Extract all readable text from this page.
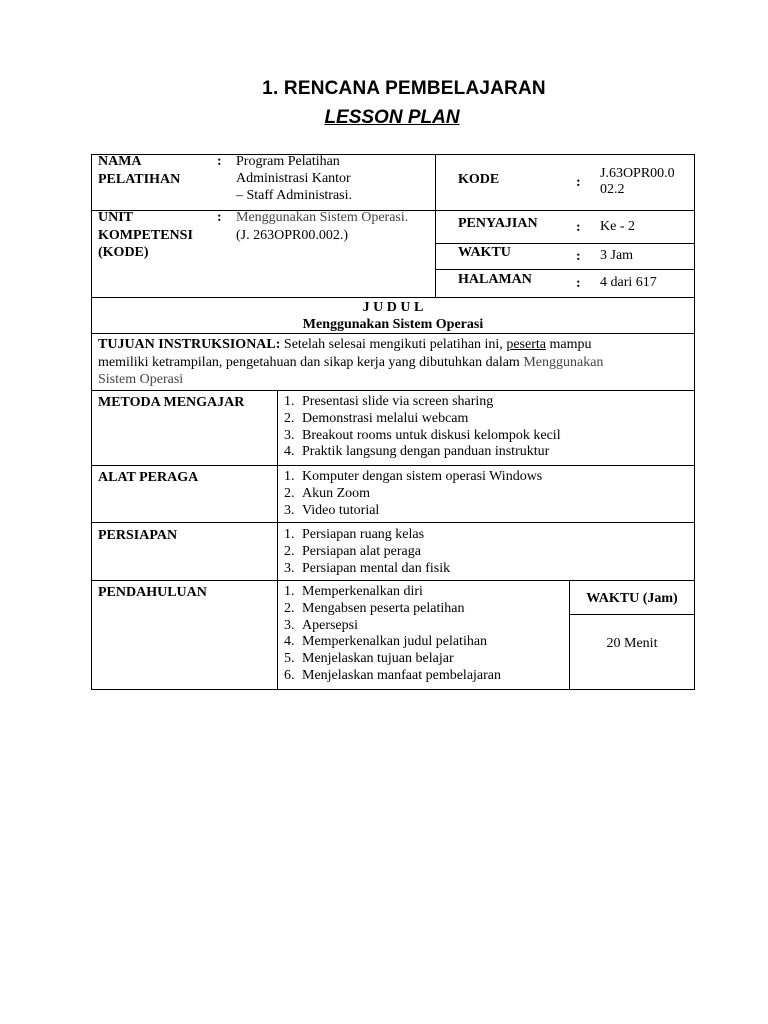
1. RENCANA PEMBELAJARAN
LESSON PLAN
NAMA
PELATIHAN
: Program Pelatihan
Administrasi Kantor
– Staff Administrasi.
UNIT
KOMPETENSI
(KODE)
: Menggunakan Sistem Operasi.
(J. 263OPR00.002.)
KODE	:
J.63OPR00.0
02.2
PENYAJIAN	: Ke - 2
WAKTU	: 3 Jam
HALAMAN	: 4 dari 617
J U D U L
Menggunakan Sistem Operasi
TUJUAN INSTRUKSIONAL: Setelah selesai mengikuti pelatihan ini, peserta mampu
memiliki ketrampilan, pengetahuan dan sikap kerja yang dibutuhkan dalam Menggunakan
Sistem Operasi
METODA MENGAJAR	1. Presentasi slide via screen sharing
2. Demonstrasi melalui webcam
3. Breakout rooms untuk diskusi kelompok kecil
4. Praktik langsung dengan panduan instruktur
ALAT PERAGA	1. Komputer dengan sistem operasi Windows
2. Akun Zoom
3. Video tutorial
PERSIAPAN	1. Persiapan ruang kelas
2. Persiapan alat peraga
3. Persiapan mental dan fisik
PENDAHULUAN	1. Memperkenalkan diri
2. Mengabsen peserta pelatihan
3. Apersepsi
4. Memperkenalkan judul pelatihan
5. Menjelaskan tujuan belajar
6. Menjelaskan manfaat pembelajaran
WAKTU (Jam)
20 Menit
